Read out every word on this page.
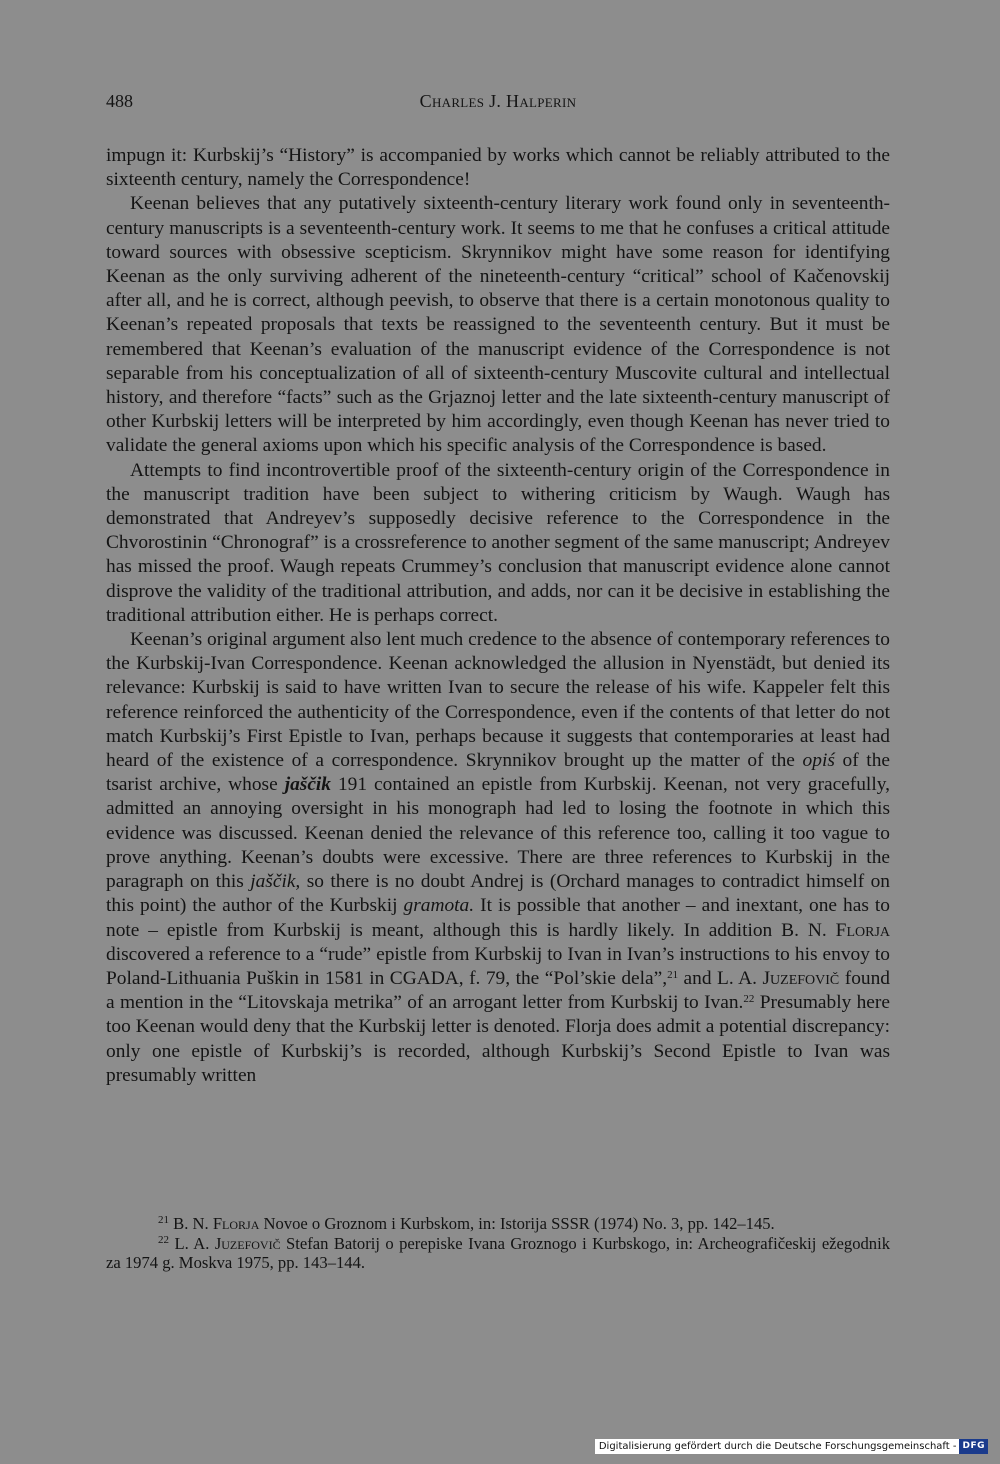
488	Charles J. Halperin

impugn it: Kurbskij’s “History” is accompanied by works which cannot be reliably attributed to the sixteenth century, namely the Correspondence!

Keenan believes that any putatively sixteenth-century literary work found only in seventeenth-century manuscripts is a seventeenth-century work. It seems to me that he confuses a critical attitude toward sources with obsessive scepticism. Skrynnikov might have some reason for identifying Keenan as the only surviving adherent of the nineteenth-century “critical” school of Kačenovskij after all, and he is correct, although peevish, to observe that there is a certain monotonous quality to Keenan’s repeated proposals that texts be reassigned to the seventeenth century. But it must be remembered that Keenan’s evaluation of the manuscript evidence of the Correspondence is not separable from his conceptualization of all of sixteenth-century Muscovite cultural and intellectual history, and therefore “facts” such as the Grjaznoj letter and the late sixteenth-century manuscript of other Kurbskij letters will be interpreted by him accordingly, even though Keenan has never tried to validate the general axioms upon which his specific analysis of the Correspondence is based.

Attempts to find incontrovertible proof of the sixteenth-century origin of the Correspondence in the manuscript tradition have been subject to withering criticism by Waugh. Waugh has demonstrated that Andreyev’s supposedly decisive reference to the Correspondence in the Chvorostinin “Chronograf” is a crossreference to another segment of the same manuscript; Andreyev has missed the proof. Waugh repeats Crummey’s conclusion that manuscript evidence alone cannot disprove the validity of the traditional attribution, and adds, nor can it be decisive in establishing the traditional attribution either. He is perhaps correct.

Keenan’s original argument also lent much credence to the absence of contemporary references to the Kurbskij-Ivan Correspondence. Keenan acknowledged the allusion in Nyenstädt, but denied its relevance: Kurbskij is said to have written Ivan to secure the release of his wife. Kappeler felt this reference reinforced the authenticity of the Correspondence, even if the contents of that letter do not match Kurbskij’s First Epistle to Ivan, perhaps because it suggests that contemporaries at least had heard of the existence of a correspondence. Skrynnikov brought up the matter of the opiś of the tsarist archive, whose jaščik 191 contained an epistle from Kurbskij. Keenan, not very gracefully, admitted an annoying oversight in his monograph had led to losing the footnote in which this evidence was discussed. Keenan denied the relevance of this reference too, calling it too vague to prove anything. Keenan’s doubts were excessive. There are three references to Kurbskij in the paragraph on this jaščik, so there is no doubt Andrej is (Orchard manages to contradict himself on this point) the author of the Kurbskij gramota. It is possible that another – and inextant, one has to note – epistle from Kurbskij is meant, although this is hardly likely. In addition B. N. Florja discovered a reference to a “rude” epistle from Kurbskij to Ivan in Ivan’s instructions to his envoy to Poland-Lithuania Puškin in 1581 in CGADA, f. 79, the “Pol’skie dela”,$^{21}$ and L. A. Juzefovič found a mention in the “Litovskaja metrika” of an arrogant letter from Kurbskij to Ivan.$^{22}$ Presumably here too Keenan would deny that the Kurbskij letter is denoted. Florja does admit a potential discrepancy: only one epistle of Kurbskij’s is recorded, although Kurbskij’s Second Epistle to Ivan was presumably written

$^{21}$ B. N. Florja Novoe o Groznom i Kurbskom, in: Istorija SSSR (1974) No. 3, pp. 142–145.

$^{22}$ L. A. Juzefovič Stefan Batorij o perepiske Ivana Groznogo i Kurbskogo, in: Archeografičeskij ežegodnik za 1974 g. Moskva 1975, pp. 143–144.

Digitalisierung gefördert durch die Deutsche Forschungsgemeinschaft - DFG
